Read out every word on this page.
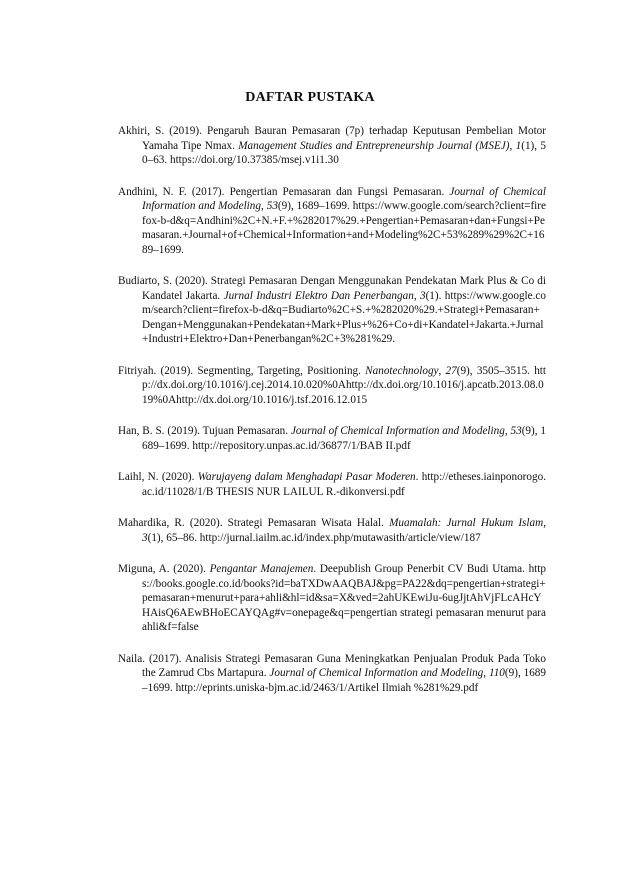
DAFTAR PUSTAKA

Akhiri, S. (2019). Pengaruh Bauran Pemasaran (7p) terhadap Keputusan Pembelian Motor Yamaha Tipe Nmax. Management Studies and Entrepreneurship Journal (MSEJ), 1(1), 50–63. https://doi.org/10.37385/msej.v1i1.30

Andhini, N. F. (2017). Pengertian Pemasaran dan Fungsi Pemasaran. Journal of Chemical Information and Modeling, 53(9), 1689–1699. https://www.google.com/search?client=firefox-b-d&q=Andhini%2C+N.+F.+%282017%29.+Pengertian+Pemasaran+dan+Fungsi+Pemasaran.+Journal+of+Chemical+Information+and+Modeling%2C+53%289%29%2C+1689–1699.

Budiarto, S. (2020). Strategi Pemasaran Dengan Menggunakan Pendekatan Mark Plus & Co di Kandatel Jakarta. Jurnal Industri Elektro Dan Penerbangan, 3(1). https://www.google.com/search?client=firefox-b-d&q=Budiarto%2C+S.+%282020%29.+Strategi+Pemasaran+Dengan+Menggunakan+Pendekatan+Mark+Plus+%26+Co+di+Kandatel+Jakarta.+Jurnal+Industri+Elektro+Dan+Penerbangan%2C+3%281%29.

Fitriyah. (2019). Segmenting, Targeting, Positioning. Nanotechnology, 27(9), 3505–3515. http://dx.doi.org/10.1016/j.cej.2014.10.020%0Ahttp://dx.doi.org/10.1016/j.apcatb.2013.08.019%0Ahttp://dx.doi.org/10.1016/j.tsf.2016.12.015

Han, B. S. (2019). Tujuan Pemasaran. Journal of Chemical Information and Modeling, 53(9), 1689–1699. http://repository.unpas.ac.id/36877/1/BAB II.pdf

Laihl, N. (2020). Warujayeng dalam Menghadapi Pasar Moderen. http://etheses.iainponorogo.ac.id/11028/1/B THESIS NUR LAILUL R.-dikonversi.pdf

Mahardika, R. (2020). Strategi Pemasaran Wisata Halal. Muamalah: Jurnal Hukum Islam, 3(1), 65–86. http://jurnal.iailm.ac.id/index.php/mutawasith/article/view/187

Miguna, A. (2020). Pengantar Manajemen. Deepublish Group Penerbit CV Budi Utama. https://books.google.co.id/books?id=baTXDwAAQBAJ&pg=PA22&dq=pengertian+strategi+pemasaran+menurut+para+ahli&hl=id&sa=X&ved=2ahUKEwiJu-6ugJjtAhVjFLcAHcYHAisQ6AEwBHoECAYQAg#v=onepage&q=pengertian strategi pemasaran menurut para ahli&f=false

Naila. (2017). Analisis Strategi Pemasaran Guna Meningkatkan Penjualan Produk Pada Toko the Zamrud Cbs Martapura. Journal of Chemical Information and Modeling, 110(9), 1689–1699. http://eprints.uniska-bjm.ac.id/2463/1/Artikel Ilmiah %281%29.pdf
